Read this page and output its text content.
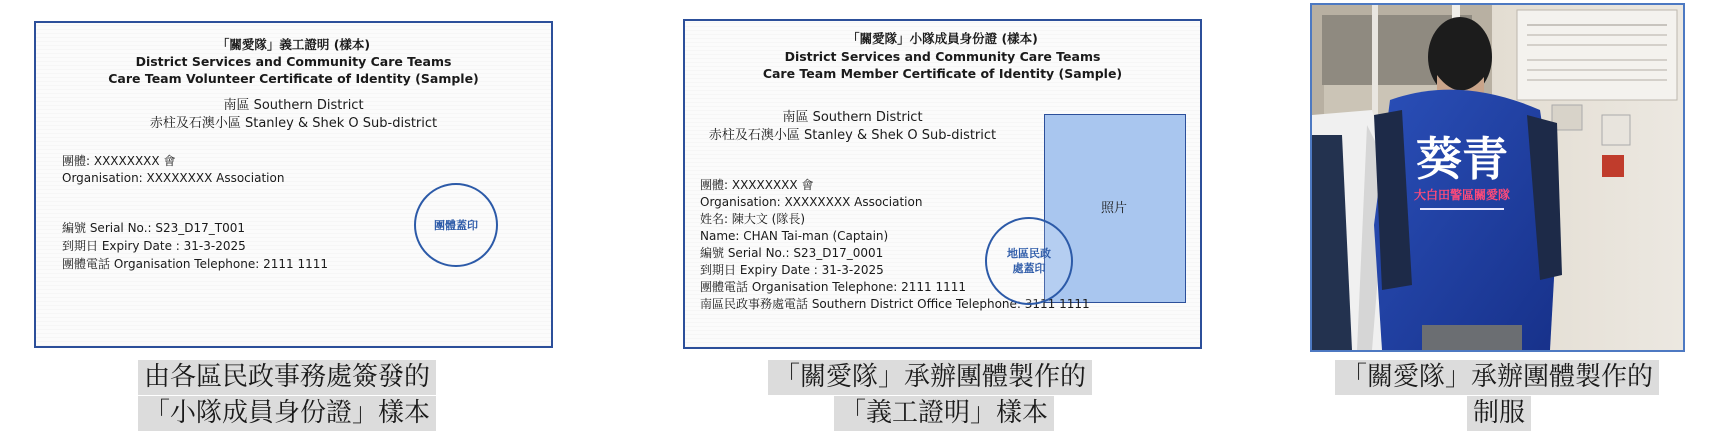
「關愛隊」義工證明 (樣本)
District Services and Community Care Teams
Care Team Volunteer Certificate of Identity (Sample)
南區 Southern District
赤柱及石澳小區 Stanley & Shek O Sub-district
團體: XXXXXXXX 會
Organisation: XXXXXXXX Association
編號 Serial No.: S23_D17_T001
到期日 Expiry Date : 31-3-2025
團體電話 Organisation Telephone: 2111 1111
團體蓋印
「關愛隊」小隊成員身份證 (樣本)
District Services and Community Care Teams
Care Team Member Certificate of Identity (Sample)
南區 Southern District
赤柱及石澳小區 Stanley & Shek O Sub-district
照片
團體: XXXXXXXX 會
Organisation: XXXXXXXX Association
姓名: 陳大文 (隊長)
Name: CHAN Tai-man (Captain)
編號 Serial No.: S23_D17_0001
到期日 Expiry Date : 31-3-2025
團體電話 Organisation Telephone: 2111 1111
南區民政事務處電話 Southern District Office Telephone: 3111 1111
地區民政
處蓋印
葵青
大白田警區關愛隊
由各區民政事務處簽發的
「小隊成員身份證」樣本
「關愛隊」承辦團體製作的
「義工證明」樣本
「關愛隊」承辦團體製作的
制服
